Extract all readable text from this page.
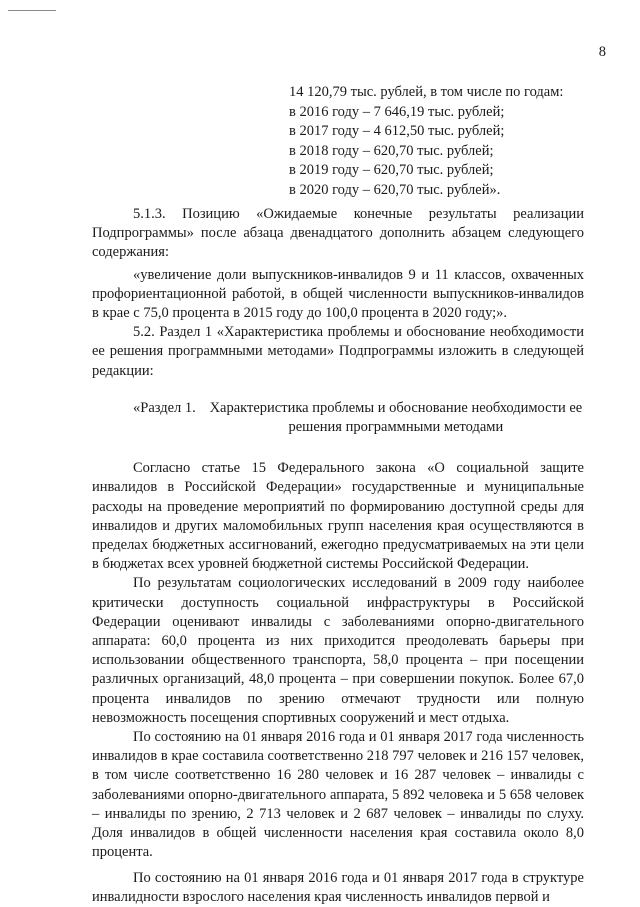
8
14 120,79 тыс. рублей, в том числе по годам:
в 2016 году – 7 646,19 тыс. рублей;
в 2017 году – 4 612,50 тыс. рублей;
в 2018 году – 620,70 тыс. рублей;
в 2019 году – 620,70 тыс. рублей;
в 2020 году – 620,70 тыс. рублей».

5.1.3. Позицию «Ожидаемые конечные результаты реализации Подпрограммы» после абзаца двенадцатого дополнить абзацем следующего содержания:

«увеличение доли выпускников-инвалидов 9 и 11 классов, охваченных профориентационной работой, в общей численности выпускников-инвалидов в крае с 75,0 процента в 2015 году до 100,0 процента в 2020 году;».

5.2. Раздел 1 «Характеристика проблемы и обоснование необходимости ее решения программными методами» Подпрограммы изложить в следующей редакции:

«Раздел 1. Характеристика проблемы и обоснование необходимости ее решения программными методами

Согласно статье 15 Федерального закона «О социальной защите инвалидов в Российской Федерации» государственные и муниципальные расходы на проведение мероприятий по формированию доступной среды для инвалидов и других маломобильных групп населения края осуществляются в пределах бюджетных ассигнований, ежегодно предусматриваемых на эти цели в бюджетах всех уровней бюджетной системы Российской Федерации.

По результатам социологических исследований в 2009 году наиболее критически доступность социальной инфраструктуры в Российской Федерации оценивают инвалиды с заболеваниями опорно-двигательного аппарата: 60,0 процента из них приходится преодолевать барьеры при использовании общественного транспорта, 58,0 процента – при посещении различных организаций, 48,0 процента – при совершении покупок. Более 67,0 процента инвалидов по зрению отмечают трудности или полную невозможность посещения спортивных сооружений и мест отдыха.

По состоянию на 01 января 2016 года и 01 января 2017 года численность инвалидов в крае составила соответственно 218 797 человек и 216 157 человек, в том числе соответственно 16 280 человек и 16 287 человек – инвалиды с заболеваниями опорно-двигательного аппарата, 5 892 человека и 5 658 человек – инвалиды по зрению, 2 713 человек и 2 687 человек – инвалиды по слуху. Доля инвалидов в общей численности населения края составила около 8,0 процента.

По состоянию на 01 января 2016 года и 01 января 2017 года в структуре инвалидности взрослого населения края численность инвалидов первой и
